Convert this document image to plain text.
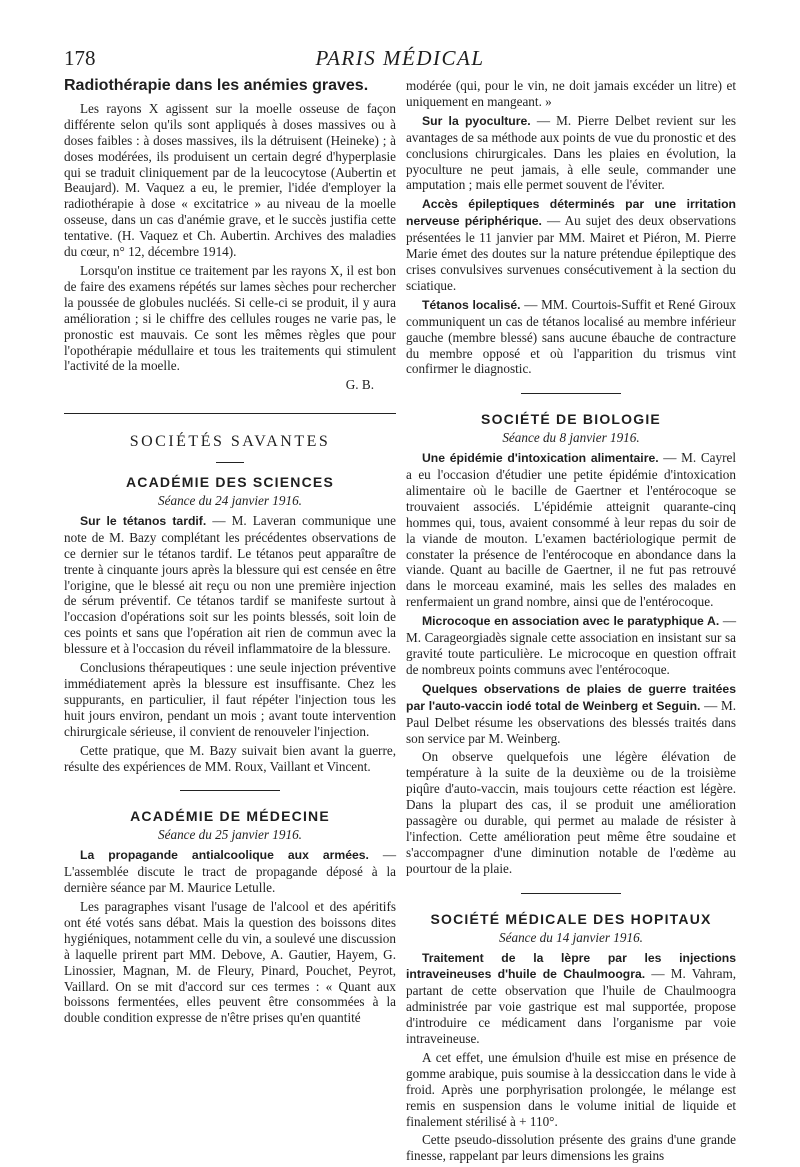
178	PARIS MÉDICAL
Radiothérapie dans les anémies graves.

Les rayons X agissent sur la moelle osseuse de façon différente selon qu'ils sont appliqués à doses massives ou à doses faibles : à doses massives, ils la détruisent (Heineke) ; à doses modérées, ils produisent un certain degré d'hyperplasie qui se traduit cliniquement par de la leucocytose (Aubertin et Beaujard). M. Vaquez a eu, le premier, l'idée d'employer la radiothérapie à dose « excitatrice » au niveau de la moelle osseuse, dans un cas d'anémie grave, et le succès justifia cette tentative. (H. Vaquez et Ch. Aubertin. Archives des maladies du cœur, n° 12, décembre 1914).

Lorsqu'on institue ce traitement par les rayons X, il est bon de faire des examens répétés sur lames sèches pour rechercher la poussée de globules nucléés. Si celle-ci se produit, il y aura amélioration ; si le chiffre des cellules rouges ne varie pas, le pronostic est mauvais. Ce sont les mêmes règles que pour l'opothérapie médullaire et tous les traitements qui stimulent l'activité de la moelle.

G. B.
SOCIÉTÉS SAVANTES
ACADÉMIE DES SCIENCES
Séance du 24 janvier 1916.

Sur le tétanos tardif. — M. Laveran communique une note de M. Bazy complétant les précédentes observations de ce dernier sur le tétanos tardif. Le tétanos peut apparaître de trente à cinquante jours après la blessure qui est censée en être l'origine, que le blessé ait reçu ou non une première injection de sérum préventif. Ce tétanos tardif se manifeste surtout à l'occasion d'opérations soit sur les points blessés, soit loin de ces points et sans que l'opération ait rien de commun avec la blessure et à l'occasion du réveil inflammatoire de la blessure.

Conclusions thérapeutiques : une seule injection préventive immédiatement après la blessure est insuffisante. Chez les suppurants, en particulier, il faut répéter l'injection tous les huit jours environ, pendant un mois ; avant toute intervention chirurgicale sérieuse, il convient de renouveler l'injection.

Cette pratique, que M. Bazy suivait bien avant la guerre, résulte des expériences de MM. Roux, Vaillant et Vincent.

ACADÉMIE DE MÉDECINE
Séance du 25 janvier 1916.

La propagande antialcoolique aux armées. — L'assemblée discute le tract de propagande déposé à la dernière séance par M. Maurice Letulle.

Les paragraphes visant l'usage de l'alcool et des apéritifs ont été votés sans débat. Mais la question des boissons dites hygiéniques, notamment celle du vin, a soulevé une discussion à laquelle prirent part MM. Debove, A. Gautier, Hayem, G. Linossier, Magnan, M. de Fleury, Pinard, Pouchet, Peyrot, Vaillard. On se mit d'accord sur ces termes : « Quant aux boissons fermentées, elles peuvent être consommées à la double condition expresse de n'être prises qu'en quantité

modérée (qui, pour le vin, ne doit jamais excéder un litre) et uniquement en mangeant. »

Sur la pyoculture. — M. Pierre Delbet revient sur les avantages de sa méthode aux points de vue du pronostic et des conclusions chirurgicales. Dans les plaies en évolution, la pyoculture ne peut jamais, à elle seule, commander une amputation ; mais elle permet souvent de l'éviter.

Accès épileptiques déterminés par une irritation nerveuse périphérique. — Au sujet des deux observations présentées le 11 janvier par MM. Mairet et Piéron, M. Pierre Marie émet des doutes sur la nature prétendue épileptique des crises convulsives survenues consécutivement à la section du sciatique.

Tétanos localisé. — MM. Courtois-Suffit et René Giroux communiquent un cas de tétanos localisé au membre inférieur gauche (membre blessé) sans aucune ébauche de contracture du membre opposé et où l'apparition du trismus vint confirmer le diagnostic.

SOCIÉTÉ DE BIOLOGIE
Séance du 8 janvier 1916.

Une épidémie d'intoxication alimentaire. — M. Cayrel a eu l'occasion d'étudier une petite épidémie d'intoxication alimentaire où le bacille de Gaertner et l'entérocoque se trouvaient associés. L'épidémie atteignit quarante-cinq hommes qui, tous, avaient consommé à leur repas du soir de la viande de mouton. L'examen bactériologique permit de constater la présence de l'entérocoque en abondance dans la viande. Quant au bacille de Gaertner, il ne fut pas retrouvé dans le morceau examiné, mais les selles des malades en renfermaient un grand nombre, ainsi que de l'entérocoque.

Microcoque en association avec le paratyphique A. — M. Carageorgiadès signale cette association en insistant sur sa gravité toute particulière. Le microcoque en question offrait de nombreux points communs avec l'entérocoque.

Quelques observations de plaies de guerre traitées par l'auto-vaccin iodé total de Weinberg et Seguin. — M. Paul Delbet résume les observations des blessés traités dans son service par M. Weinberg.

On observe quelquefois une légère élévation de température à la suite de la deuxième ou de la troisième piqûre d'auto-vaccin, mais toujours cette réaction est légère. Dans la plupart des cas, il se produit une amélioration passagère ou durable, qui permet au malade de résister à l'infection. Cette amélioration peut même être soudaine et s'accompagner d'une diminution notable de l'œdème au pourtour de la plaie.

SOCIÉTÉ MÉDICALE DES HOPITAUX
Séance du 14 janvier 1916.

Traitement de la lèpre par les injections intraveineuses d'huile de Chaulmoogra. — M. Vahram, partant de cette observation que l'huile de Chaulmoogra administrée par voie gastrique est mal supportée, propose d'introduire ce médicament dans l'organisme par voie intraveineuse.

A cet effet, une émulsion d'huile est mise en présence de gomme arabique, puis soumise à la dessiccation dans le vide à froid. Après une porphyrisation prolongée, le mélange est remis en suspension dans le volume initial de liquide et finalement stérilisé à + 110°.

Cette pseudo-dissolution présente des grains d'une grande finesse, rappelant par leurs dimensions les grains
